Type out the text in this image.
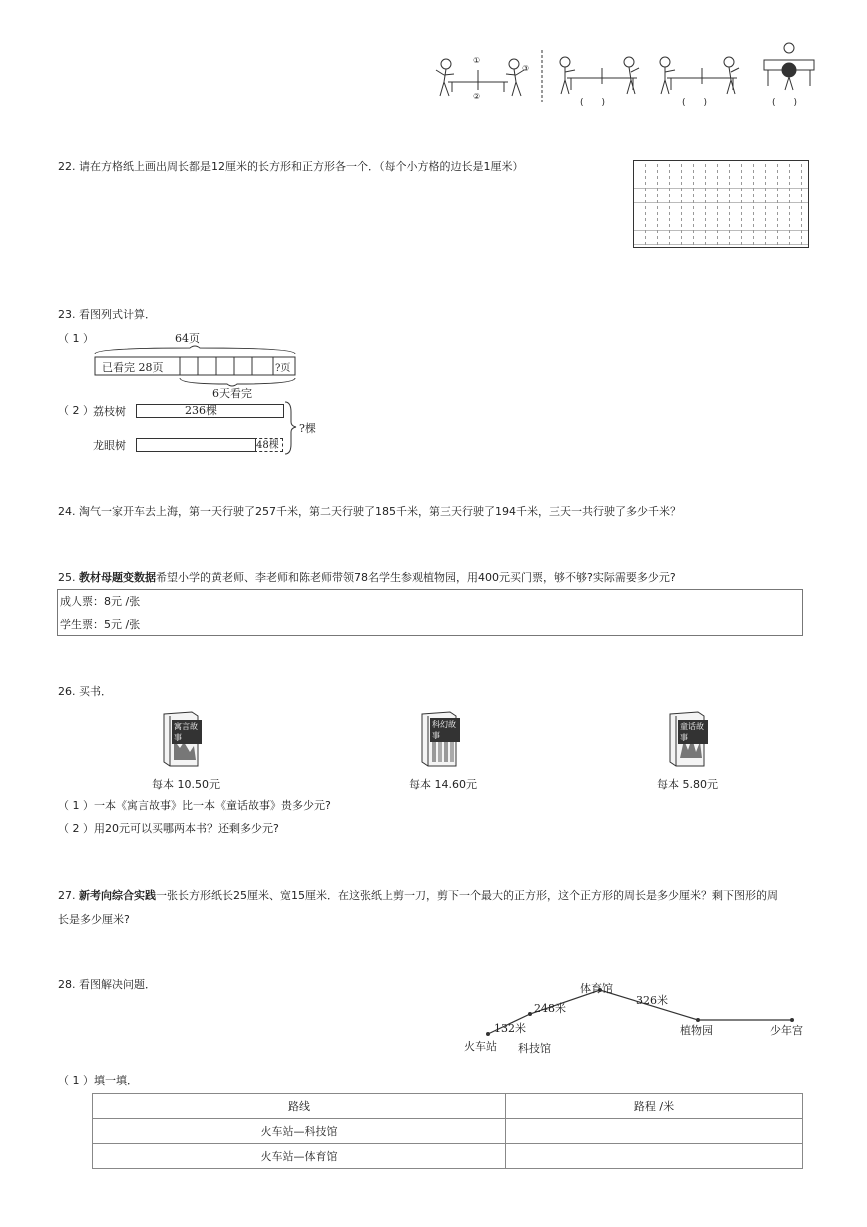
①
②
③
(　　)	(　　)	(　　)
22. 请在方格纸上画出周长都是12厘米的长方形和正方形各一个．（每个小方格的边长是1厘米）
23. 看图列式计算．
（ 1 ）	64页
已看完 28页	?页
6天看完
（ 2 ） 荔枝树	236棵
龙眼树	48棵
?棵
24. 淘气一家开车去上海，第一天行驶了257千米，第二天行驶了185千米，第三天行驶了194千米，三天一共行驶了多少千米？
25. 教材母题变数据希望小学的黄老师、李老师和陈老师带领78名学生参观植物园，用400元买门票，够不够?实际需要多少元?
成人票：8元 /张
学生票：5元 /张
26. 买书．
寓言故事
每本 10.50元
科幻故事
每本 14.60元
童话故事
每本 5.80元
（ 1 ）一本《寓言故事》比一本《童话故事》贵多少元?
（ 2 ）用20元可以买哪两本书？还剩多少元?
27. 新考向综合实践一张长方形纸长25厘米、宽15厘米．在这张纸上剪一刀，剪下一个最大的正方形，这个正方形的周长是多少厘米？剩下图形的周
长是多少厘米?
28. 看图解决问题．
火车站 科技馆
体育馆
植物园	少年宫
132米
248米
326米
（ 1 ）填一填．
路线	路程 /米
火车站—科技馆	
火车站—体育馆	
